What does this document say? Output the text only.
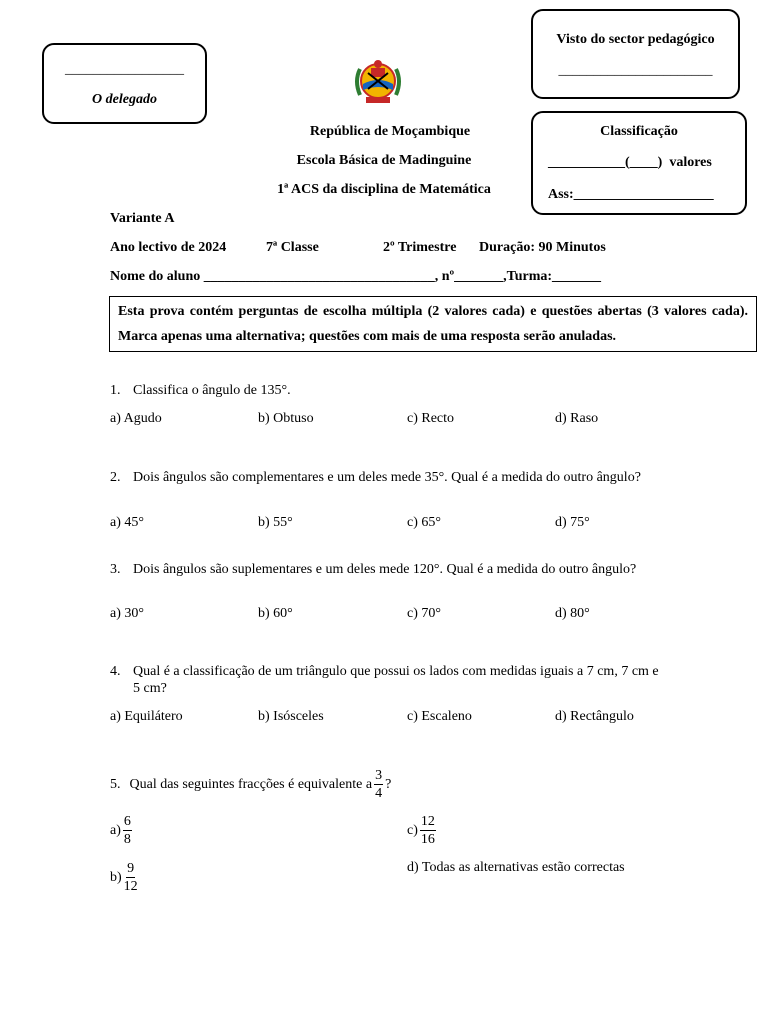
_________________
O delegado
Visto do sector pedagógico
______________________
Classificação
___________(____)  valores
Ass:____________________
República de Moçambique
Escola Básica de Madinguine
1ª ACS da disciplina de Matemática
Variante A
Ano lectivo de 2024	7ª Classe	2º Trimestre Duração: 90 Minutos
Nome do aluno _________________________________, nº_______,Turma:_______
Esta prova contém perguntas de escolha múltipla (2 valores cada) e questões abertas (3 valores cada). Marca apenas uma alternativa; questões com mais de uma resposta serão anuladas.
1. Classifica o ângulo de 135°.
a) Agudo	b) Obtuso	c) Recto	d) Raso
2. Dois ângulos são complementares e um deles mede 35°. Qual é a medida do outro ângulo?
a) 45°	b) 55°	c) 65°	d) 75°
3. Dois ângulos são suplementares e um deles mede 120°. Qual é a medida do outro ângulo?
a) 30°	b) 60°	c) 70°	d) 80°
4. Qual é a classificação de um triângulo que possui os lados com medidas iguais a 7 cm, 7 cm e 5 cm?
a) Equilátero	b) Isósceles	c) Escaleno	d) Rectângulo
5. Qual das seguintes fracções é equivalente a $\frac{3}{4}$ ?
$a) \frac{6}{8}$	$c) \frac{12}{16}$
$b) \frac{9}{12}$	d) Todas as alternativas estão correctas
